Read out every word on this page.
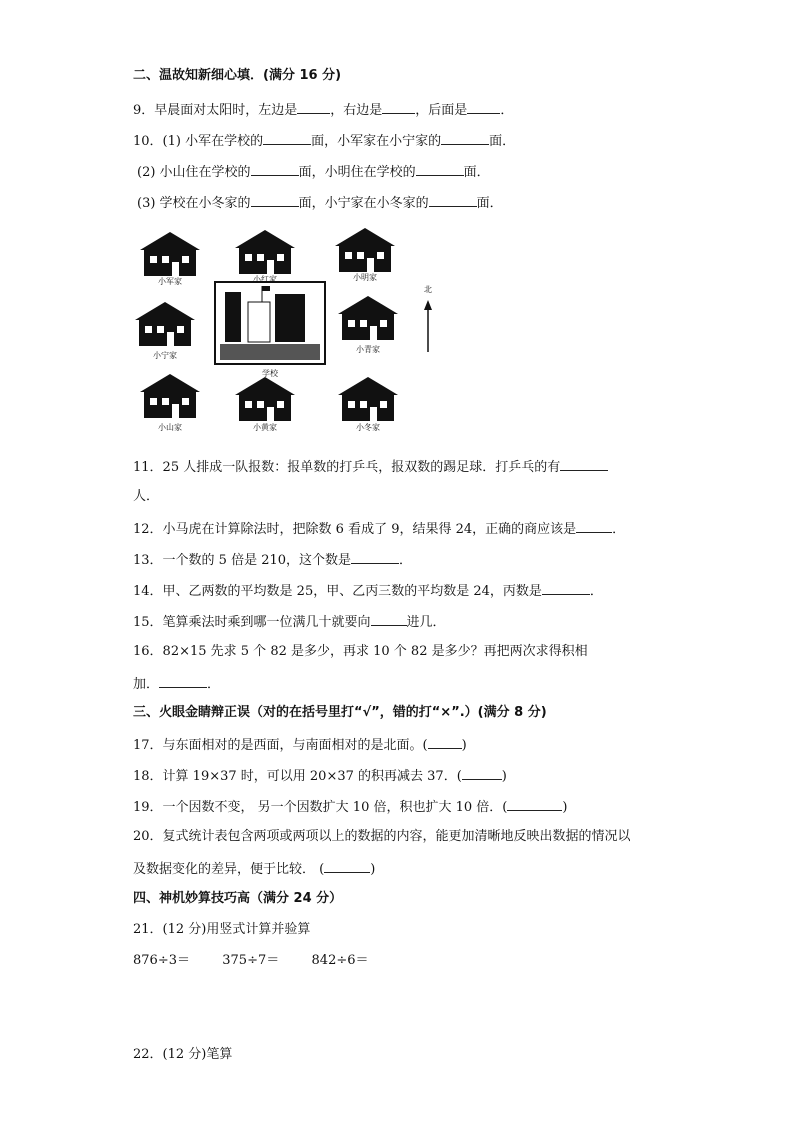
二、温故知新细心填．(满分 16 分)
9．早晨面对太阳时，左边是	，右边是	，后面是	．
10．(1) 小军在学校的	面，小军家在小宁家的	面．
(2) 小山住在学校的	面，小明住在学校的	面．
(3) 学校在小冬家的	面，小宁家在小冬家的	面．
小军家	小红家	小明家
小宁家
小青家
小山家	小黄家	小冬家
学校
北
11．25 人排成一队报数：报单数的打乒乓，报双数的踢足球．打乒乓的有
人．
12．小马虎在计算除法时，把除数 6 看成了 9，结果得 24，正确的商应该是	．
13．一个数的 5 倍是 210，这个数是	．
14．甲、乙两数的平均数是 25，甲、乙丙三数的平均数是 24，丙数是	．
15．笔算乘法时乘到哪一位满几十就要向	进几．
16．82×15 先求 5 个 82 是多少，再求 10 个 82 是多少？再把两次求得积相
加．	．
三、火眼金睛辩正误（对的在括号里打“√”，错的打“×”.）(满分 8 分)
17．与东面相对的是西面，与南面相对的是北面。(	)
18．计算 19×37 时，可以用 20×37 的积再减去 37．(	)
19．一个因数不变， 另一个因数扩大 10 倍，积也扩大 10 倍．(	)
20．复式统计表包含两项或两项以上的数据的内容，能更加清晰地反映出数据的情况以
及数据变化的差异，便于比较． (	)
四、神机妙算技巧高（满分 24 分）
21．(12 分)用竖式计算并验算
876÷3＝ 375÷7＝ 842÷6＝
22．(12 分)笔算
